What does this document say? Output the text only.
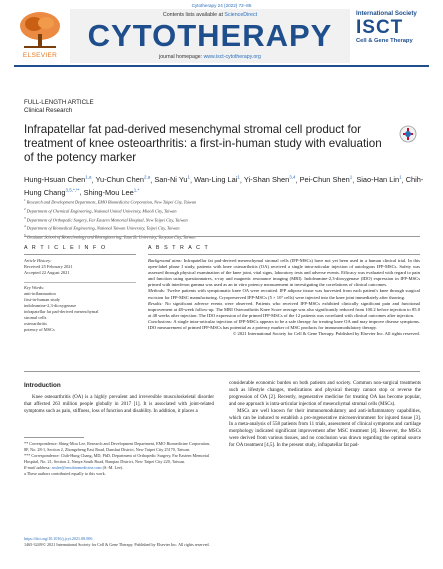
Cytotherapy 24 (2022) 72–85
ELSEVIER
Contents lists available at ScienceDirect
CYTOTHERAPY
journal homepage: www.isct-cytotherapy.org
International Society
ISCT
Cell & Gene Therapy
FULL-LENGTH ARTICLE
Clinical Research
Infrapatellar fat pad-derived mesenchymal stromal cell product for treatment of knee osteoarthritis: a first-in-human study with evaluation of the potency marker
Hung-Hsuan Chen$^{1,a}$, Yu-Chun Chen$^{2,a}$, San-Ni Yu$^1$, Wan-Ling Lai$^1$, Yi-Shan Shen$^{3,4}$, Pei-Chun Shen$^1$, Siao-Han Lin$^1$, Chih-Hung Chang$^{3,5,*,**}$, Shing-Mou Lee$^{1,*}$
$^1$ Research and Development Department, EMO Biomedicine Corporation, New Taipei City, Taiwan
$^2$ Department of Chemical Engineering, National United University, Miaoli City, Taiwan
$^3$ Department of Orthopedic Surgery, Far Eastern Memorial Hospital, New Taipei City, Taiwan
$^4$ Department of Biomedical Engineering, National Taiwan University, Taipei City, Taiwan
Graduate School of Biotechnology and Bioengineering, Yuan Ze University, Taoyuan City, Taiwan
A R T I C L E I N F O	A B S T R A C T
Article History:
Received 25 February 2021
Accepted 22 August 2021
Key Words:
anti-inflammation
first-in-human study
indoleamine-2,3-dioxygenase
infrapatellar fat pad-derived mesenchymal
stromal cells
osteoarthritis
potency of MSCs

Background aims: Infrapatellar fat pad-derived mesenchymal stromal cells (IFP-MSCs) have not yet been used in a human clinical trial. In this open-label phase I study, patients with knee osteoarthritis (OA) received a single intra-articular injection of autologous IFP-MSCs. Safety was assessed through physical examination of the knee joint, vital signs, laboratory tests and adverse events. Efficacy was evaluated with regard to pain and function using questionnaires, x-ray and magnetic resonance imaging (MRI). Indoleamine-2,3-dioxygenase (IDO) expression in IFP-MSCs primed with interferon gamma was used as an in vitro potency measurement in investigating the correlations of clinical outcomes.

Methods: Twelve patients with symptomatic knee OA were recruited. IFP adipose tissue was harvested from each patient's knee through surgical excision for IFP-MSC manufacturing. Cryopreserved IFP-MSCs (5 × 10⁷ cells) were injected into the knee joint immediately after thawing.

Results: No significant adverse events were observed. Patients who received IFP-MSCs exhibited clinically significant pain and functional improvement at 48-week follow-up. The MRI Osteoarthritis Knee Score average was also significantly reduced from 100.2 before injection to 85.0 at 48 weeks after injection. The IDO expression of the primed IFP-MSCs of the 12 patients was correlated with clinical outcomes after injection.

Conclusions: A single intra-articular injection of IFP-MSCs appears to be a safe therapy for treating knee OA and may improve disease symptoms. IDO measurement of primed IFP-MSCs has potential as a potency marker of MSC products for immunomodulatory therapy.

© 2021 International Society for Cell & Gene Therapy. Published by Elsevier Inc. All rights reserved.

Introduction

Knee osteoarthritis (OA) is a highly prevalent and irreversible musculoskeletal disorder that affected 263 million people globally in 2017 [1]. It is associated with joint-related symptoms such as pain, stiffness, loss of function and disability. In addition, it places a

considerable economic burden on both patients and society. Common non-surgical treatments such as lifestyle changes, medications and physical therapy cannot stop or reverse the progression of OA [2]. Recently, regenerative medicine for treating OA has become popular, and one approach is intra-articular injection of mesenchymal stromal cells (MSCs).

MSCs are well known for their immunomodulatory and anti-inflammatory capabilities, which can be induced to establish a pro-regenerative microenvironment for injured tissue [3]. In a meta-analysis of 558 patients from 11 trials, assessment of clinical symptoms and cartilage morphology indicated significant improvement after MSC treatment [4]. However, the MSCs were derived from various tissues, and no conclusion was drawn regarding the optimal source for OA treatment [4,5]. In the present study, infrapatellar fat pad-

** Correspondence: Shing-Mou Lee, Research and Development Department, EMO Biomedicine Corporation, 8F, No. 28-1, Section 2, Zhongzheng East Road, Danshui District, New Taipei City 25170, Taiwan.
*** Correspondence: Chih-Hung Chang, MD, PhD, Department of Orthopedic Surgery, Far Eastern Memorial Hospital, No. 21, Section 2, Nanya South Road, Banqiao District, New Taipei City 220, Taiwan.
E-mail address: smlee@emobiomedicine.com (S.-M. Lee).
a These authors contributed equally to this work.
https://doi.org/10.1016/j.jcyt.2021.08.006
1465-3249/© 2021 International Society for Cell & Gene Therapy. Published by Elsevier Inc. All rights reserved.
